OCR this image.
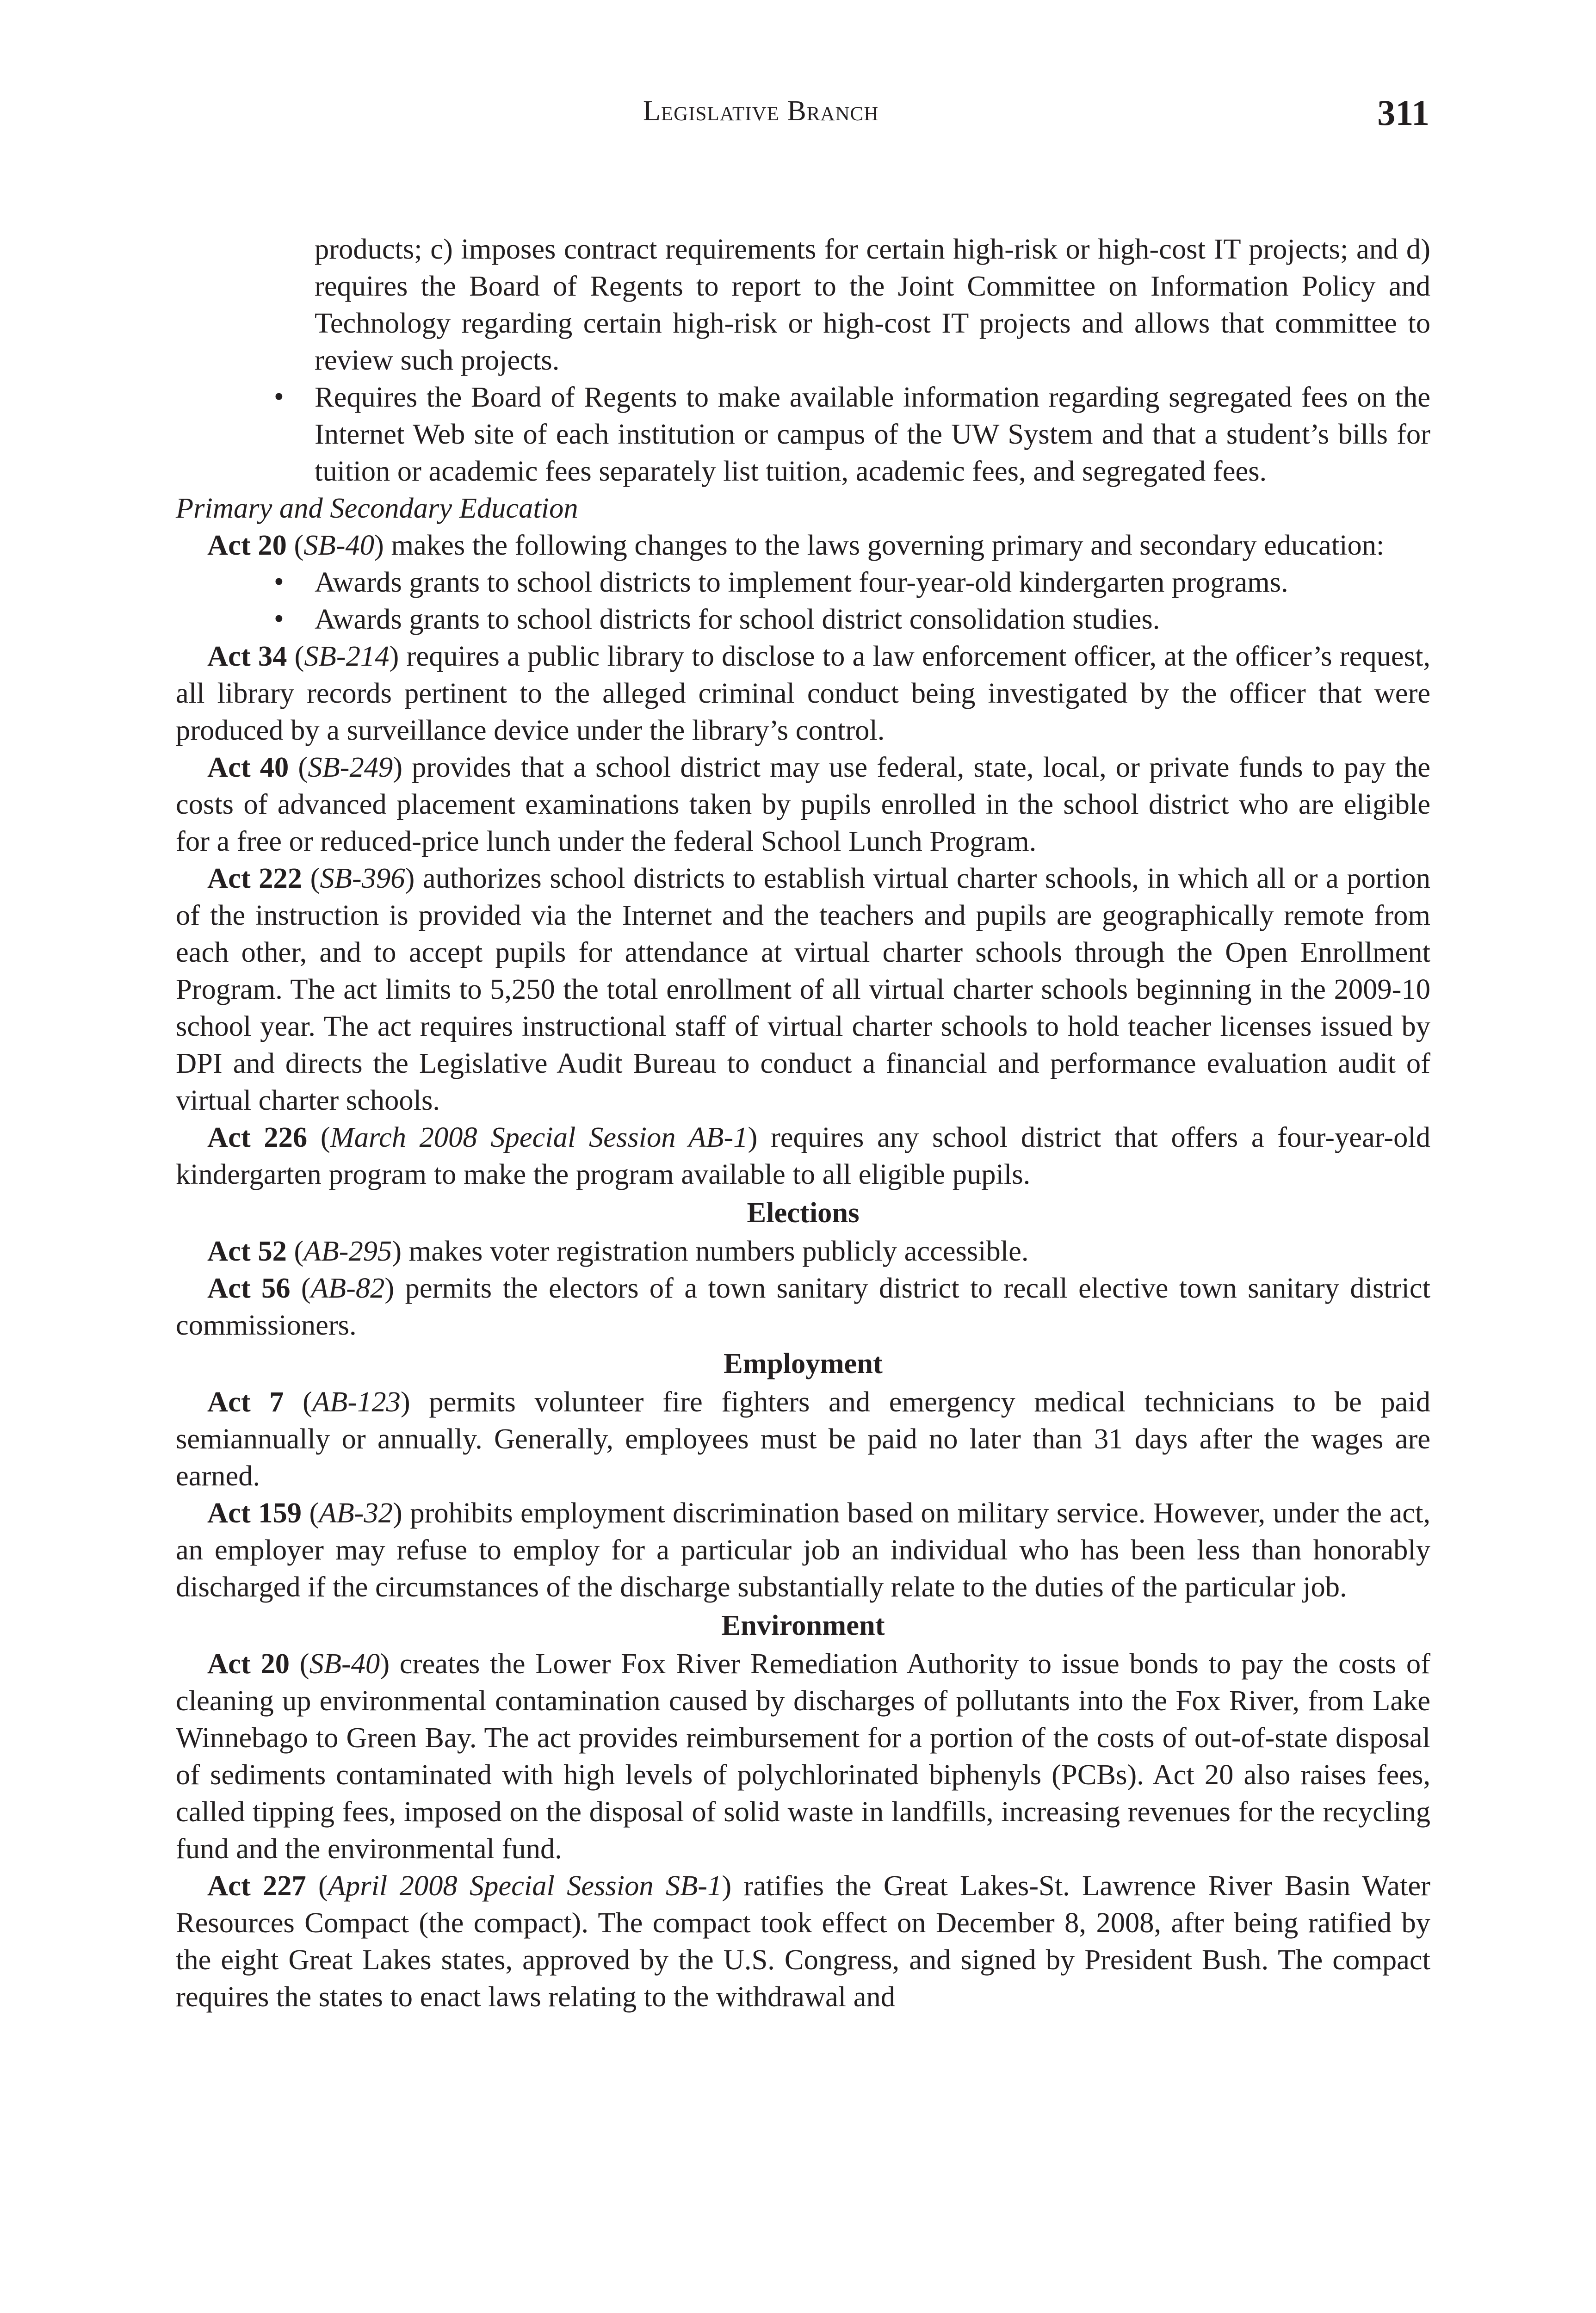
Legislative Branch	311

products; c) imposes contract requirements for certain high-risk or high-cost IT projects; and d) requires the Board of Regents to report to the Joint Committee on Information Policy and Technology regarding certain high-risk or high-cost IT projects and allows that committee to review such projects.

• Requires the Board of Regents to make available information regarding segregated fees on the Internet Web site of each institution or campus of the UW System and that a student’s bills for tuition or academic fees separately list tuition, academic fees, and segregated fees.

Primary and Secondary Education

Act 20 (SB-40) makes the following changes to the laws governing primary and secondary education:

• Awards grants to school districts to implement four-year-old kindergarten programs.
• Awards grants to school districts for school district consolidation studies.

Act 34 (SB-214) requires a public library to disclose to a law enforcement officer, at the officer’s request, all library records pertinent to the alleged criminal conduct being investigated by the officer that were produced by a surveillance device under the library’s control.

Act 40 (SB-249) provides that a school district may use federal, state, local, or private funds to pay the costs of advanced placement examinations taken by pupils enrolled in the school district who are eligible for a free or reduced-price lunch under the federal School Lunch Program.

Act 222 (SB-396) authorizes school districts to establish virtual charter schools, in which all or a portion of the instruction is provided via the Internet and the teachers and pupils are geographically remote from each other, and to accept pupils for attendance at virtual charter schools through the Open Enrollment Program. The act limits to 5,250 the total enrollment of all virtual charter schools beginning in the 2009-10 school year. The act requires instructional staff of virtual charter schools to hold teacher licenses issued by DPI and directs the Legislative Audit Bureau to conduct a financial and performance evaluation audit of virtual charter schools.

Act 226 (March 2008 Special Session AB-1) requires any school district that offers a four-year-old kindergarten program to make the program available to all eligible pupils.

Elections

Act 52 (AB-295) makes voter registration numbers publicly accessible.

Act 56 (AB-82) permits the electors of a town sanitary district to recall elective town sanitary district commissioners.

Employment

Act 7 (AB-123) permits volunteer fire fighters and emergency medical technicians to be paid semiannually or annually. Generally, employees must be paid no later than 31 days after the wages are earned.

Act 159 (AB-32) prohibits employment discrimination based on military service. However, under the act, an employer may refuse to employ for a particular job an individual who has been less than honorably discharged if the circumstances of the discharge substantially relate to the duties of the particular job.

Environment

Act 20 (SB-40) creates the Lower Fox River Remediation Authority to issue bonds to pay the costs of cleaning up environmental contamination caused by discharges of pollutants into the Fox River, from Lake Winnebago to Green Bay. The act provides reimbursement for a portion of the costs of out-of-state disposal of sediments contaminated with high levels of polychlorinated biphenyls (PCBs). Act 20 also raises fees, called tipping fees, imposed on the disposal of solid waste in landfills, increasing revenues for the recycling fund and the environmental fund.

Act 227 (April 2008 Special Session SB-1) ratifies the Great Lakes-St. Lawrence River Basin Water Resources Compact (the compact). The compact took effect on December 8, 2008, after being ratified by the eight Great Lakes states, approved by the U.S. Congress, and signed by President Bush. The compact requires the states to enact laws relating to the withdrawal and
